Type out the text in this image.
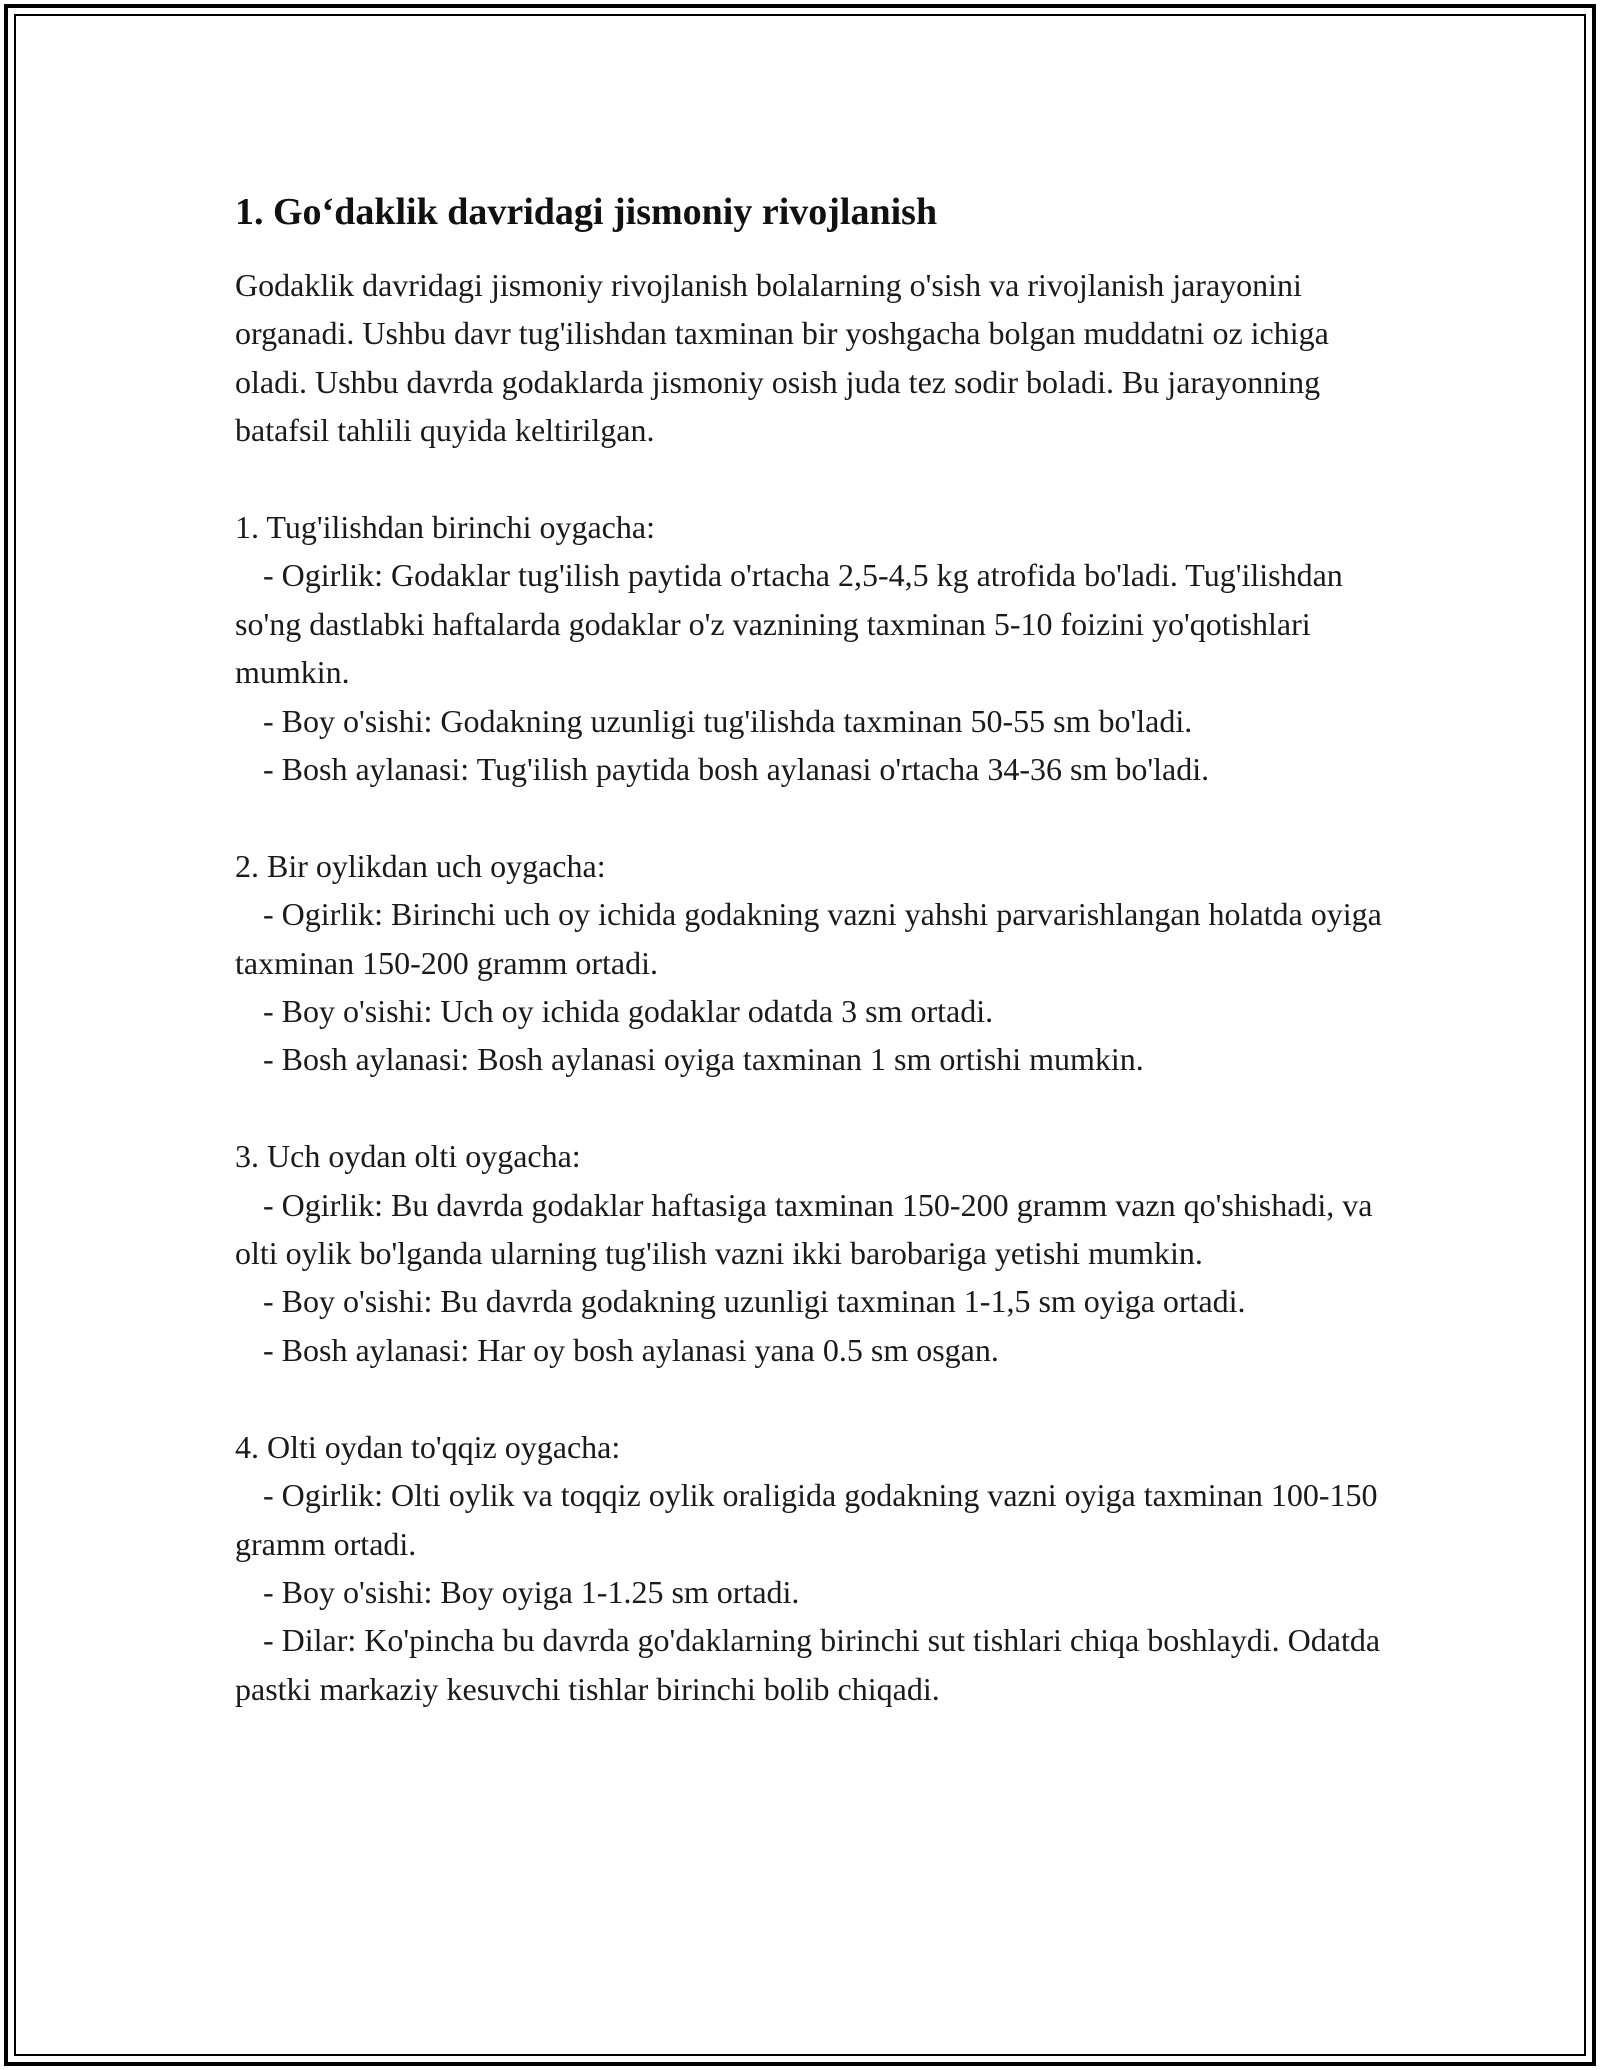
1. Go‘daklik davridagi jismoniy rivojlanish

Godaklik davridagi jismoniy rivojlanish bolalarning o'sish va rivojlanish jarayonini organadi. Ushbu davr tug'ilishdan taxminan bir yoshgacha bolgan muddatni oz ichiga oladi. Ushbu davrda godaklarda jismoniy osish juda tez sodir boladi. Bu jarayonning batafsil tahlili quyida keltirilgan.

1. Tug'ilishdan birinchi oygacha:

- Ogirlik: Godaklar tug'ilish paytida o'rtacha 2,5-4,5 kg atrofida bo'ladi. Tug'ilishdan so'ng dastlabki haftalarda godaklar o'z vaznining taxminan 5-10 foizini yo'qotishlari mumkin.

- Boy o'sishi: Godakning uzunligi tug'ilishda taxminan 50-55 sm bo'ladi.

- Bosh aylanasi: Tug'ilish paytida bosh aylanasi o'rtacha 34-36 sm bo'ladi.

2. Bir oylikdan uch oygacha:

- Ogirlik: Birinchi uch oy ichida godakning vazni yahshi parvarishlangan holatda oyiga taxminan 150-200 gramm ortadi.

- Boy o'sishi: Uch oy ichida godaklar odatda 3 sm ortadi.

- Bosh aylanasi: Bosh aylanasi oyiga taxminan 1 sm ortishi mumkin.

3. Uch oydan olti oygacha:

- Ogirlik: Bu davrda godaklar haftasiga taxminan 150-200 gramm vazn qo'shishadi, va olti oylik bo'lganda ularning tug'ilish vazni ikki barobariga yetishi mumkin.

- Boy o'sishi: Bu davrda godakning uzunligi taxminan 1-1,5 sm oyiga ortadi.

- Bosh aylanasi: Har oy bosh aylanasi yana 0.5 sm osgan.

4. Olti oydan to'qqiz oygacha:

- Ogirlik: Olti oylik va toqqiz oylik oraligida godakning vazni oyiga taxminan 100-150 gramm ortadi.

- Boy o'sishi: Boy oyiga 1-1.25 sm ortadi.

- Dilar: Ko'pincha bu davrda go'daklarning birinchi sut tishlari chiqa boshlaydi. Odatda pastki markaziy kesuvchi tishlar birinchi bolib chiqadi.
